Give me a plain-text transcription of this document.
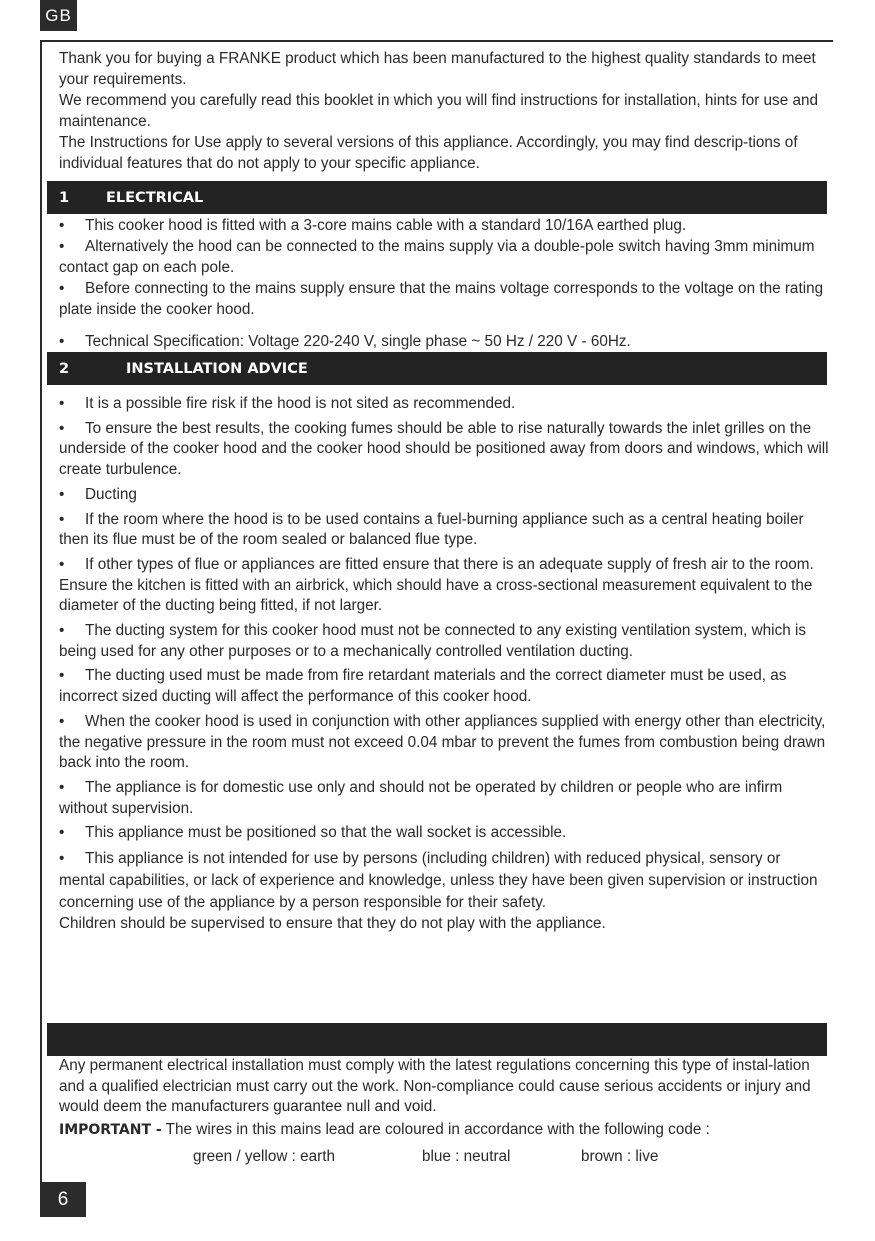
GB

Thank you for buying a FRANKE product which has been manufactured to the highest quality standards to meet your requirements.

We recommend you carefully read this booklet in which you will find instructions for installation, hints for use and maintenance.

The Instructions for Use apply to several versions of this appliance. Accordingly, you may find descrip-tions of individual features that do not apply to your specific appliance.

1	ELECTRICAL

• This cooker hood is fitted with a 3-core mains cable with a standard 10/16A earthed plug.

• Alternatively the hood can be connected to the mains supply via a double-pole switch having 3mm minimum contact gap on each pole.

• Before connecting to the mains supply ensure that the mains voltage corresponds to the voltage on the rating plate inside the cooker hood.

• Technical Specification: Voltage 220-240 V, single phase ~ 50 Hz / 220 V - 60Hz.

2	INSTALLATION ADVICE

• It is a possible fire risk if the hood is not sited as recommended.

• To ensure the best results, the cooking fumes should be able to rise naturally towards the inlet grilles on the underside of the cooker hood and the cooker hood should be positioned away from doors and windows, which will create turbulence.

• Ducting

• If the room where the hood is to be used contains a fuel-burning appliance such as a central heating boiler then its flue must be of the room sealed or balanced flue type.

• If other types of flue or appliances are fitted ensure that there is an adequate supply of fresh air to the room. Ensure the kitchen is fitted with an airbrick, which should have a cross-sectional measurement equivalent to the diameter of the ducting being fitted, if not larger.

• The ducting system for this cooker hood must not be connected to any existing ventilation system, which is being used for any other purposes or to a mechanically controlled ventilation ducting.

• The ducting used must be made from fire retardant materials and the correct diameter must be used, as incorrect sized ducting will affect the performance of this cooker hood.

• When the cooker hood is used in conjunction with other appliances supplied with energy other than electricity, the negative pressure in the room must not exceed 0.04 mbar to prevent the fumes from combustion being drawn back into the room.

• The appliance is for domestic use only and should not be operated by children or people who are infirm without supervision.

• This appliance must be positioned so that the wall socket is accessible.

• This appliance is not intended for use by persons (including children) with reduced physical, sensory or mental capabilities, or lack of experience and knowledge, unless they have been given supervision or instruction concerning use of the appliance by a person responsible for their safety.

Children should be supervised to ensure that they do not play with the appliance.

Any permanent electrical installation must comply with the latest regulations concerning this type of instal-lation and a qualified electrician must carry out the work. Non-compliance could cause serious accidents or injury and would deem the manufacturers guarantee null and void.

IMPORTANT - The wires in this mains lead are coloured in accordance with the following code :

green / yellow : earth	blue : neutral	brown : live
6
